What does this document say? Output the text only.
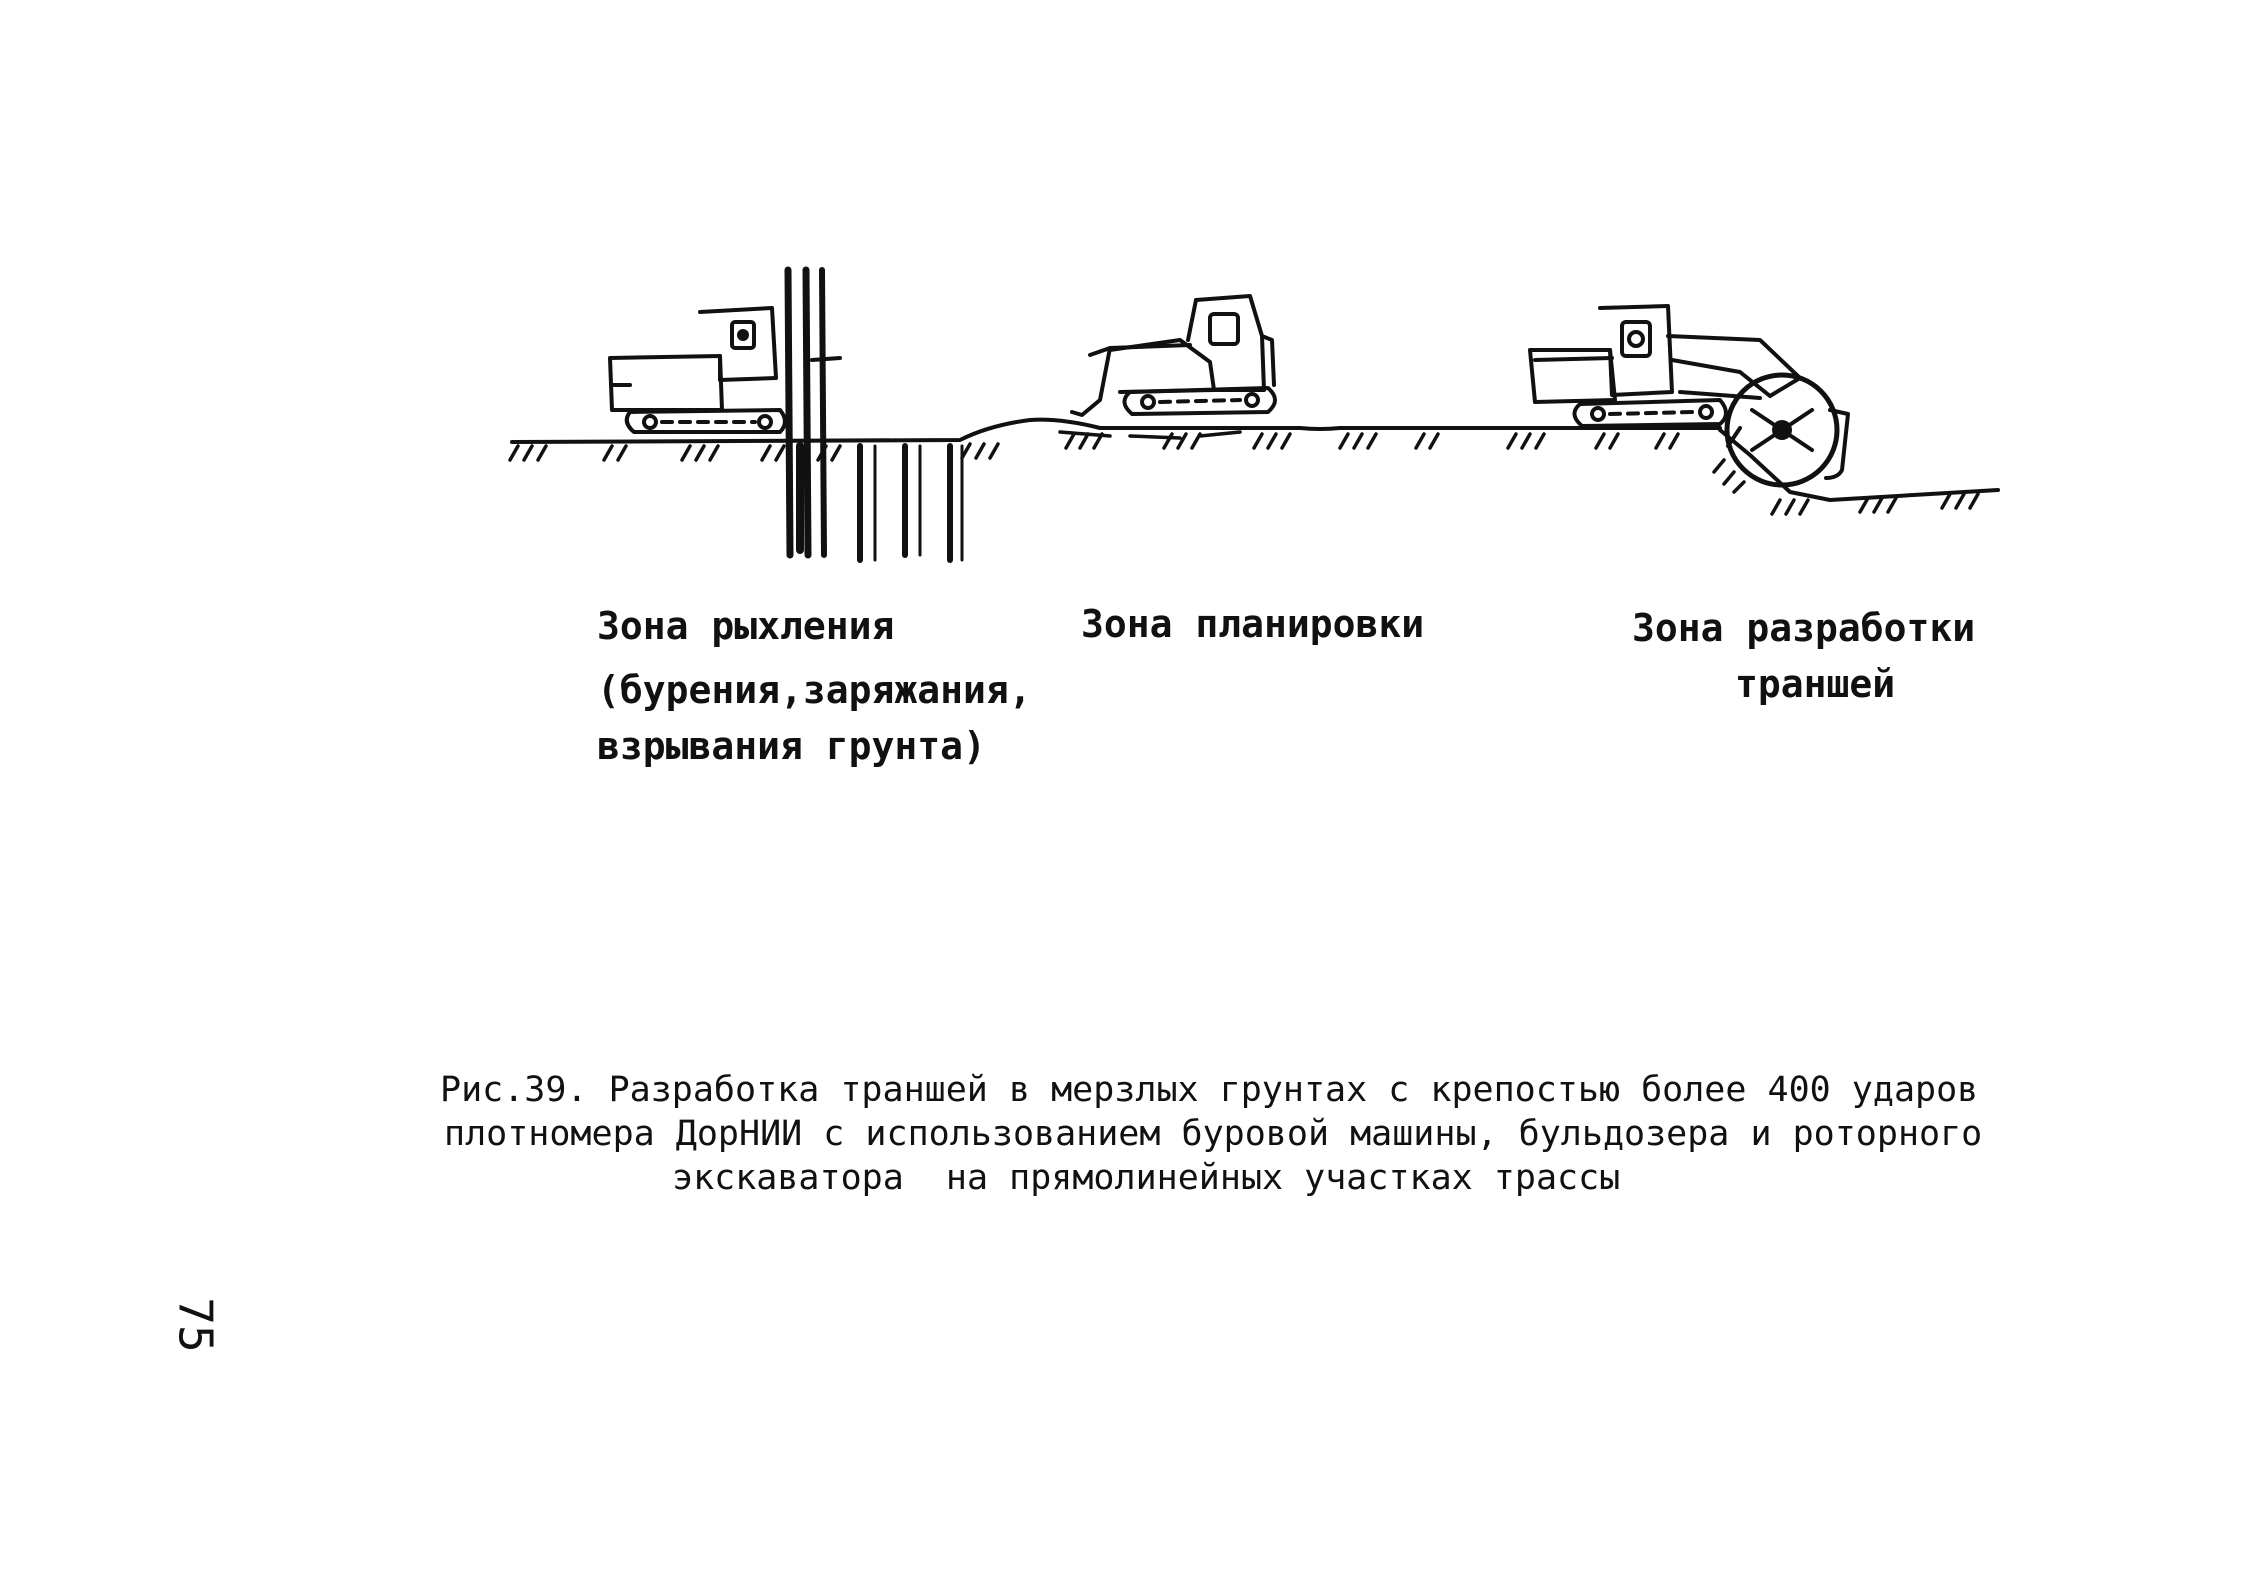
Зона рыхления
(бурения,заряжания,
взрывания грунта)
Зона планировки	Зона разработки
траншей
Рис.39. Разработка траншей в мерзлых грунтах с крепостью более 400 ударов
плотномера ДорНИИ с использованием буровой машины, бульдозера и роторного
экскаватора  на прямолинейных участках трассы
75
